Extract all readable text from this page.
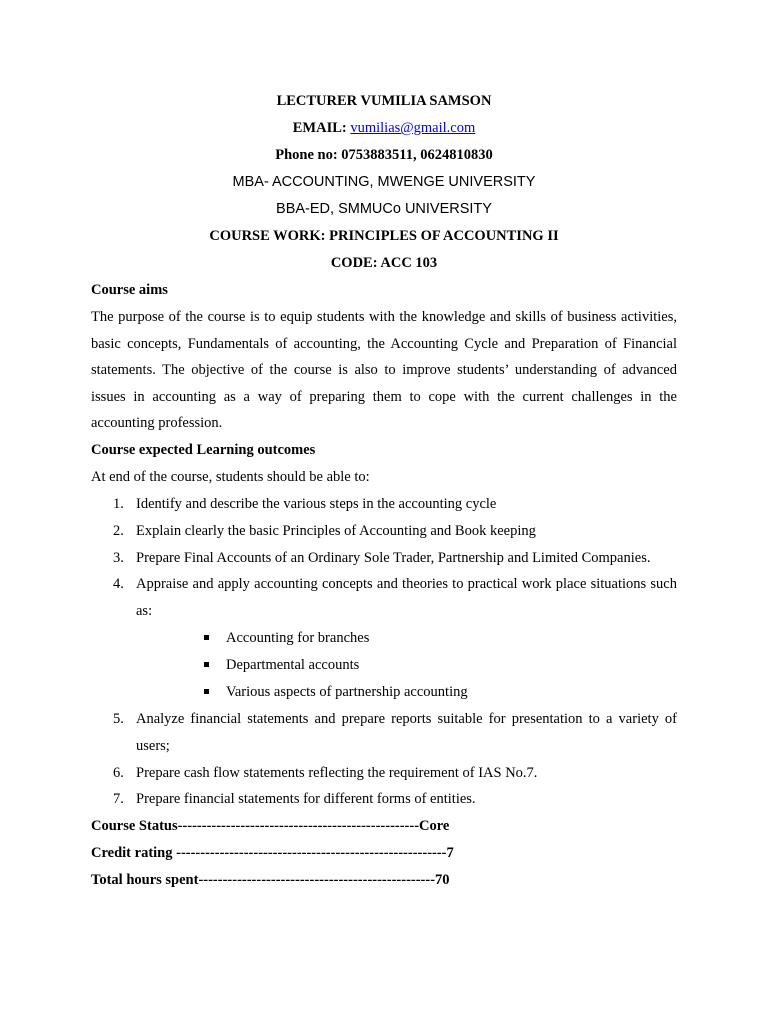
LECTURER VUMILIA SAMSON
EMAIL: vumilias@gmail.com
Phone no: 0753883511, 0624810830
MBA- ACCOUNTING, MWENGE UNIVERSITY
BBA-ED, SMMUCo UNIVERSITY
COURSE WORK: PRINCIPLES OF ACCOUNTING II
CODE: ACC 103
Course aims

The purpose of the course is to equip students with the knowledge and skills of business activities, basic concepts, Fundamentals of accounting, the Accounting Cycle and Preparation of Financial statements. The objective of the course is also to improve students’ understanding of advanced issues in accounting as a way of preparing them to cope with the current challenges in the accounting profession.

Course expected Learning outcomes
At end of the course, students should be able to:
1. Identify and describe the various steps in the accounting cycle
2. Explain clearly the basic Principles of Accounting and Book keeping
3. Prepare Final Accounts of an Ordinary Sole Trader, Partnership and Limited Companies.
4. Appraise and apply accounting concepts and theories to practical work place situations such as:
Accounting for branches
Departmental accounts
Various aspects of partnership accounting
5. Analyze financial statements and prepare reports suitable for presentation to a variety of users;
6. Prepare cash flow statements reflecting the requirement of IAS No.7.
7. Prepare financial statements for different forms of entities.
Course Status--------------------------------------------------Core
Credit rating --------------------------------------------------------7
Total hours spent-------------------------------------------------70
